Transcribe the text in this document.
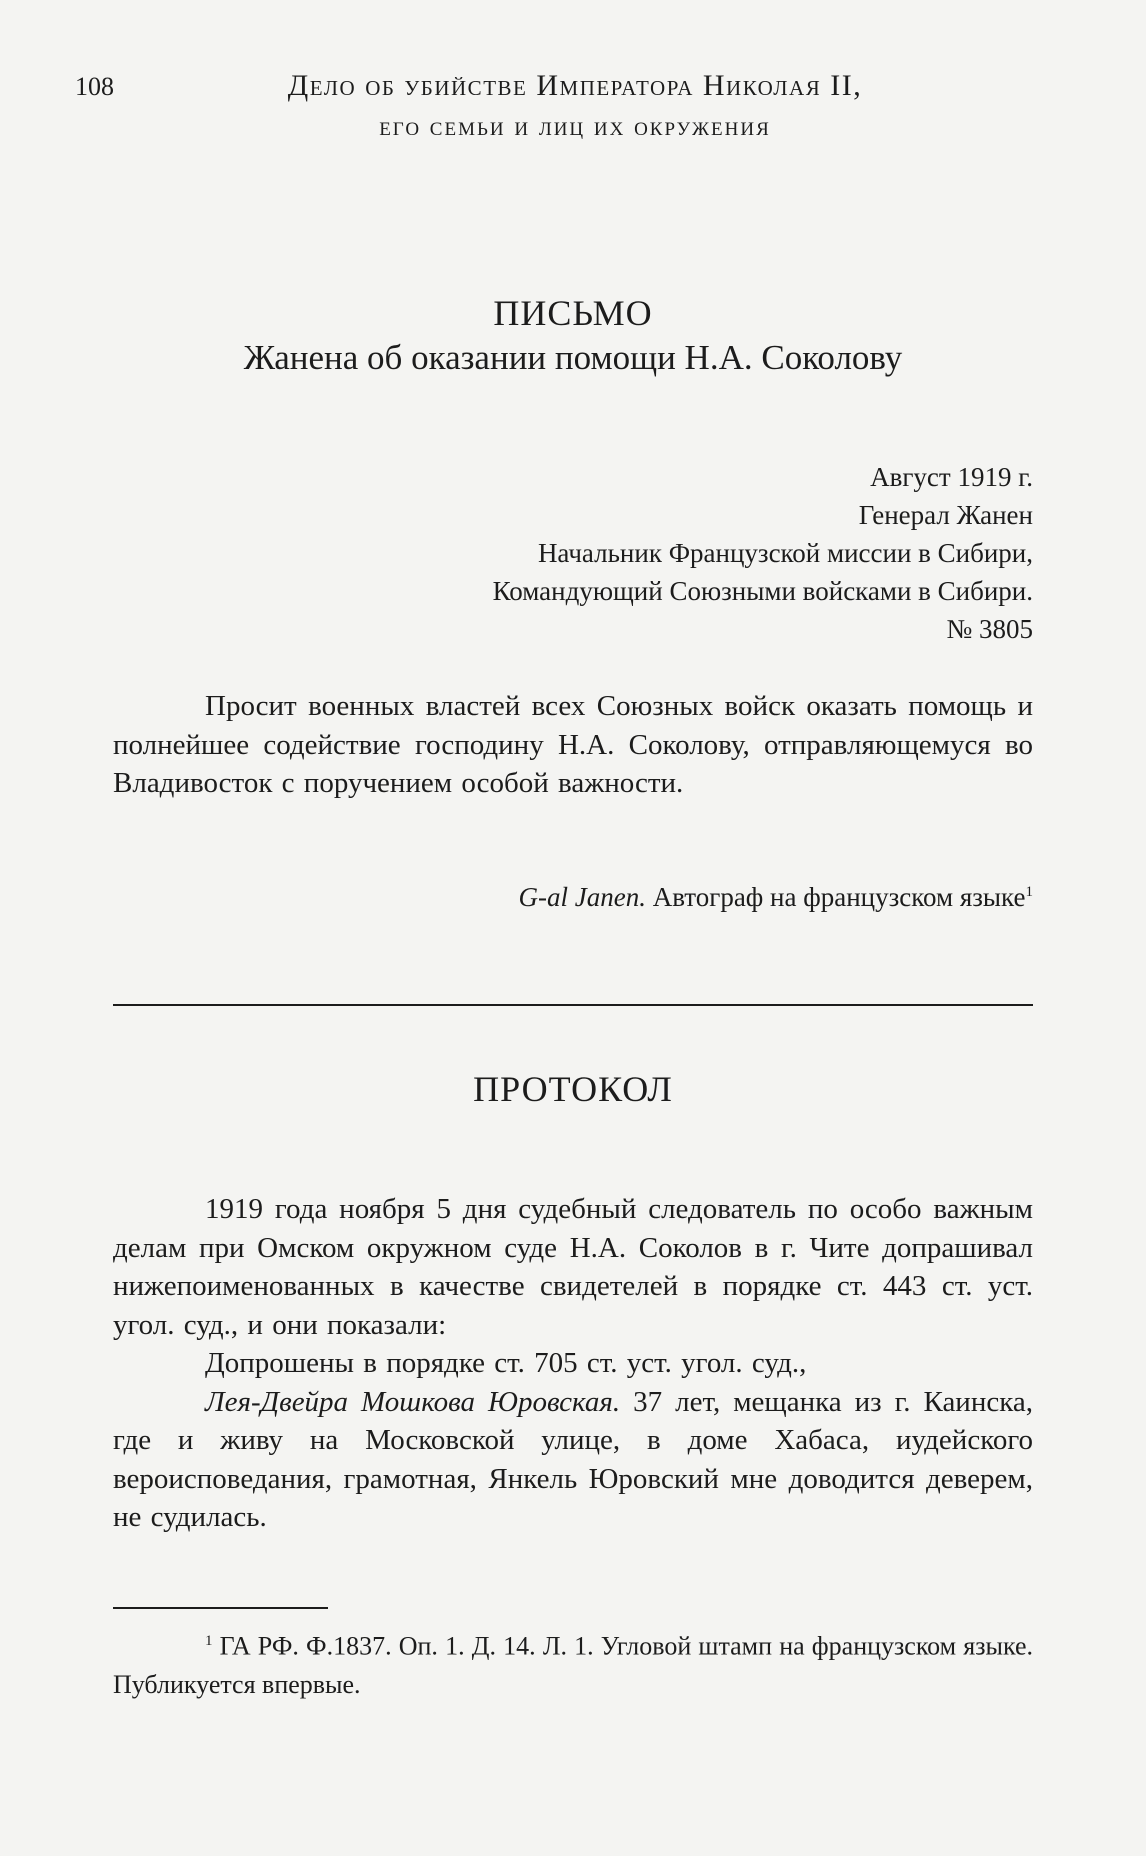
108	Дело об убийстве Императора Николая II,
его семьи и лиц их окружения
ПИСЬМО
Жанена об оказании помощи Н.А. Соколову
Август 1919 г.
Генерал Жанен
Начальник Французской миссии в Сибири,
Командующий Союзными войсками в Сибири.
№ 3805

Просит военных властей всех Союзных войск оказать помощь и полнейшее содействие господину Н.А. Соколову, отправляющемуся во Владивосток с поручением особой важности.

G-al Janen. Автограф на французском языке$^1$
ПРОТОКОЛ

1919 года ноября 5 дня судебный следователь по особо важным делам при Омском окружном суде Н.А. Соколов в г. Чите допрашивал нижепоименованных в качестве свидетелей в порядке ст. 443 ст. уст. угол. суд., и они показали:

Допрошены в порядке ст. 705 ст. уст. угол. суд.,

Лея-Двейра Мошкова Юровская. 37 лет, мещанка из г. Каинска, где и живу на Московской улице, в доме Хабаса, иудейского вероисповедания, грамотная, Янкель Юровский мне доводится деверем, не судилась.

$^1$ ГА РФ. Ф.1837. Оп. 1. Д. 14. Л. 1. Угловой штамп на французском языке. Публикуется впервые.
